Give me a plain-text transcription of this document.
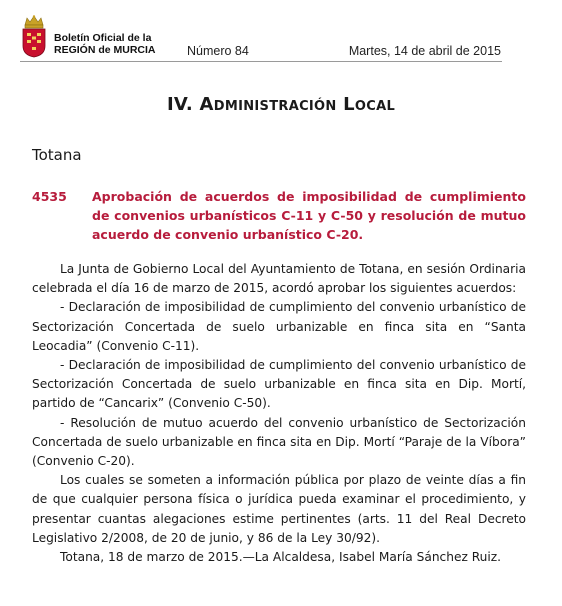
Boletín Oficial de la
REGIÓN de MURCIA	Número 84	Martes, 14 de abril de 2015
IV. Administración Local
Totana
4535 Aprobación de acuerdos de imposibilidad de cumplimiento de convenios urbanísticos C-11 y C-50 y resolución de mutuo acuerdo de convenio urbanístico C-20.

La Junta de Gobierno Local del Ayuntamiento de Totana, en sesión Ordinaria celebrada el día 16 de marzo de 2015, acordó aprobar los siguientes acuerdos:

- Declaración de imposibilidad de cumplimiento del convenio urbanístico de Sectorización Concertada de suelo urbanizable en finca sita en “Santa Leocadia” (Convenio C-11).

- Declaración de imposibilidad de cumplimiento del convenio urbanístico de Sectorización Concertada de suelo urbanizable en finca sita en Dip. Mortí, partido de “Cancarix” (Convenio C-50).

- Resolución de mutuo acuerdo del convenio urbanístico de Sectorización Concertada de suelo urbanizable en finca sita en Dip. Mortí “Paraje de la Víbora” (Convenio C-20).

Los cuales se someten a información pública por plazo de veinte días a fin de que cualquier persona física o jurídica pueda examinar el procedimiento, y presentar cuantas alegaciones estime pertinentes (arts. 11 del Real Decreto Legislativo 2/2008, de 20 de junio, y 86 de la Ley 30/92).

Totana, 18 de marzo de 2015.—La Alcaldesa, Isabel María Sánchez Ruiz.
